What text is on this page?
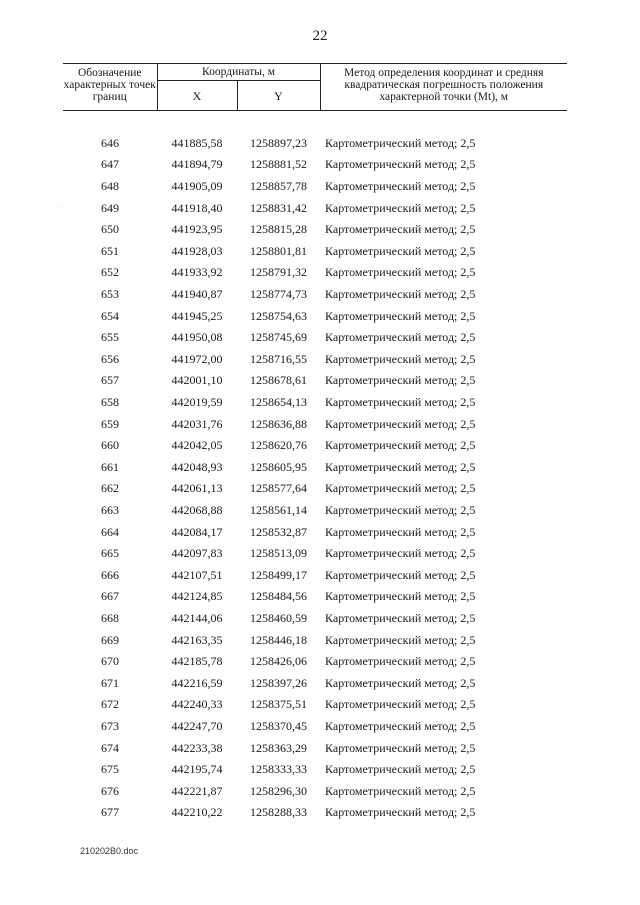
22
·
Обозначение характерных точек границ	Координаты, м		Метод определения координат и средняя квадратическая погрешность положения характерной точки (Mt), м
	X	Y	

646	441885,58	1258897,23	Картометрический метод; 2,5
647	441894,79	1258881,52	Картометрический метод; 2,5
648	441905,09	1258857,78	Картометрический метод; 2,5
649	441918,40	1258831,42	Картометрический метод; 2,5
650	441923,95	1258815,28	Картометрический метод; 2,5
651	441928,03	1258801,81	Картометрический метод; 2,5
652	441933,92	1258791,32	Картометрический метод; 2,5
653	441940,87	1258774,73	Картометрический метод; 2,5
654	441945,25	1258754,63	Картометрический метод; 2,5
655	441950,08	1258745,69	Картометрический метод; 2,5
656	441972,00	1258716,55	Картометрический метод; 2,5
657	442001,10	1258678,61	Картометрический метод; 2,5
658	442019,59	1258654,13	Картометрический метод; 2,5
659	442031,76	1258636,88	Картометрический метод; 2,5
660	442042,05	1258620,76	Картометрический метод; 2,5
661	442048,93	1258605,95	Картометрический метод; 2,5
662	442061,13	1258577,64	Картометрический метод; 2,5
663	442068,88	1258561,14	Картометрический метод; 2,5
664	442084,17	1258532,87	Картометрический метод; 2,5
665	442097,83	1258513,09	Картометрический метод; 2,5
666	442107,51	1258499,17	Картометрический метод; 2,5
667	442124,85	1258484,56	Картометрический метод; 2,5
668	442144,06	1258460,59	Картометрический метод; 2,5
669	442163,35	1258446,18	Картометрический метод; 2,5
670	442185,78	1258426,06	Картометрический метод; 2,5
671	442216,59	1258397,26	Картометрический метод; 2,5
672	442240,33	1258375,51	Картометрический метод; 2,5
673	442247,70	1258370,45	Картометрический метод; 2,5
674	442233,38	1258363,29	Картометрический метод; 2,5
675	442195,74	1258333,33	Картометрический метод; 2,5
676	442221,87	1258296,30	Картометрический метод; 2,5
677	442210,22	1258288,33	Картометрический метод; 2,5
210202B0.doc
